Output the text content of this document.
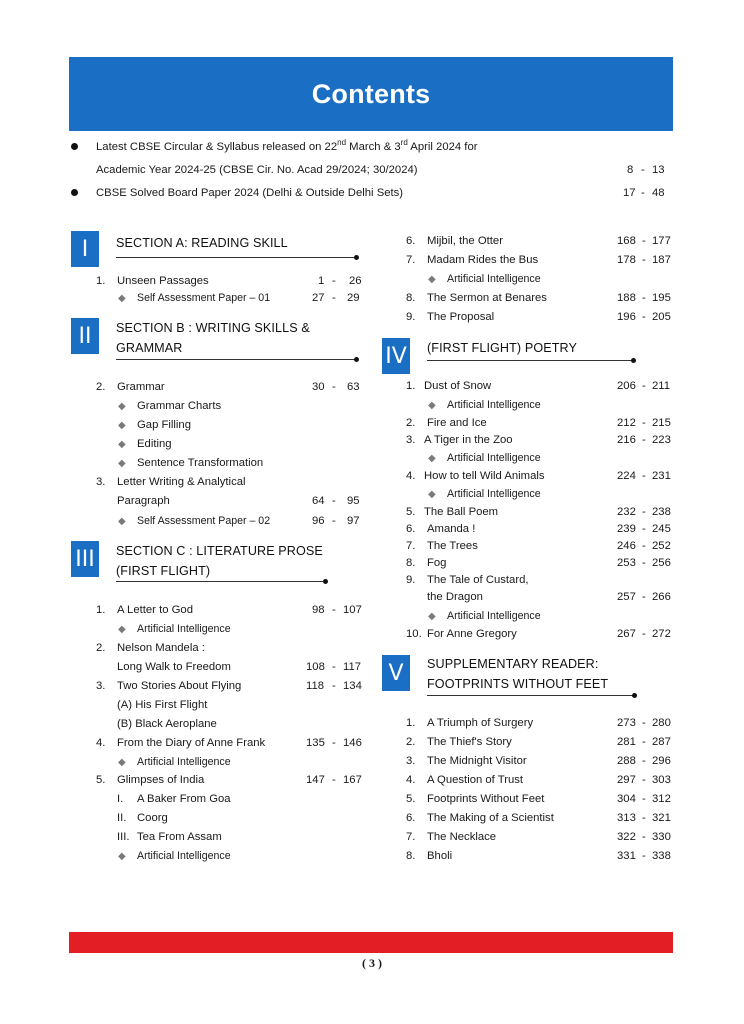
Contents
Latest CBSE Circular & Syllabus released on 22nd March & 3rd April 2024 for
Academic Year 2024-25 (CBSE Cir. No. Acad 29/2024; 30/2024)	8 - 13
CBSE Solved Board Paper 2024 (Delhi & Outside Delhi Sets)	17 - 48
I	SECTION A: READING SKILL
1. Unseen Passages	1 - 26
◆ Self Assessment Paper – 01	27 - 29
II	SECTION B : WRITING SKILLS &
GRAMMAR
2. Grammar	30 - 63
◆ Grammar Charts
◆ Gap Filling
◆ Editing
◆ Sentence Transformation
3. Letter Writing & Analytical
Paragraph	64 - 95
◆ Self Assessment Paper – 02	96 - 97
III	SECTION C : LITERATURE PROSE
(FIRST FLIGHT)
1. A Letter to God	98 - 107
◆ Artificial Intelligence
2. Nelson Mandela :
Long Walk to Freedom	108 - 117
3. Two Stories About Flying	118 - 134
(A) His First Flight
(B) Black Aeroplane
4. From the Diary of Anne Frank	135 - 146
◆ Artificial Intelligence
5. Glimpses of India	147 - 167
I. A Baker From Goa
II. Coorg
III. Tea From Assam
◆ Artificial Intelligence
6. Mijbil, the Otter	168 - 177
7. Madam Rides the Bus	178 - 187
◆ Artificial Intelligence
8. The Sermon at Benares	188 - 195
9. The Proposal	196 - 205
IV (FIRST FLIGHT) POETRY
1. Dust of Snow	206 - 211
◆ Artificial Intelligence
2. Fire and Ice	212 - 215
3. A Tiger in the Zoo	216 - 223
◆ Artificial Intelligence
4. How to tell Wild Animals	224 - 231
◆ Artificial Intelligence
5. The Ball Poem	232 - 238
6. Amanda !	239 - 245
7. The Trees	246 - 252
8. Fog	253 - 256
9. The Tale of Custard,
the Dragon	257 - 266
◆ Artificial Intelligence
10. For Anne Gregory	267 - 272
V	SUPPLEMENTARY READER:
FOOTPRINTS WITHOUT FEET
1. A Triumph of Surgery	273 - 280
2. The Thief's Story	281 - 287
3. The Midnight Visitor	288 - 296
4. A Question of Trust	297 - 303
5. Footprints Without Feet	304 - 312
6. The Making of a Scientist	313 - 321
7. The Necklace	322 - 330
8. Bholi	331 - 338
( 3 )
